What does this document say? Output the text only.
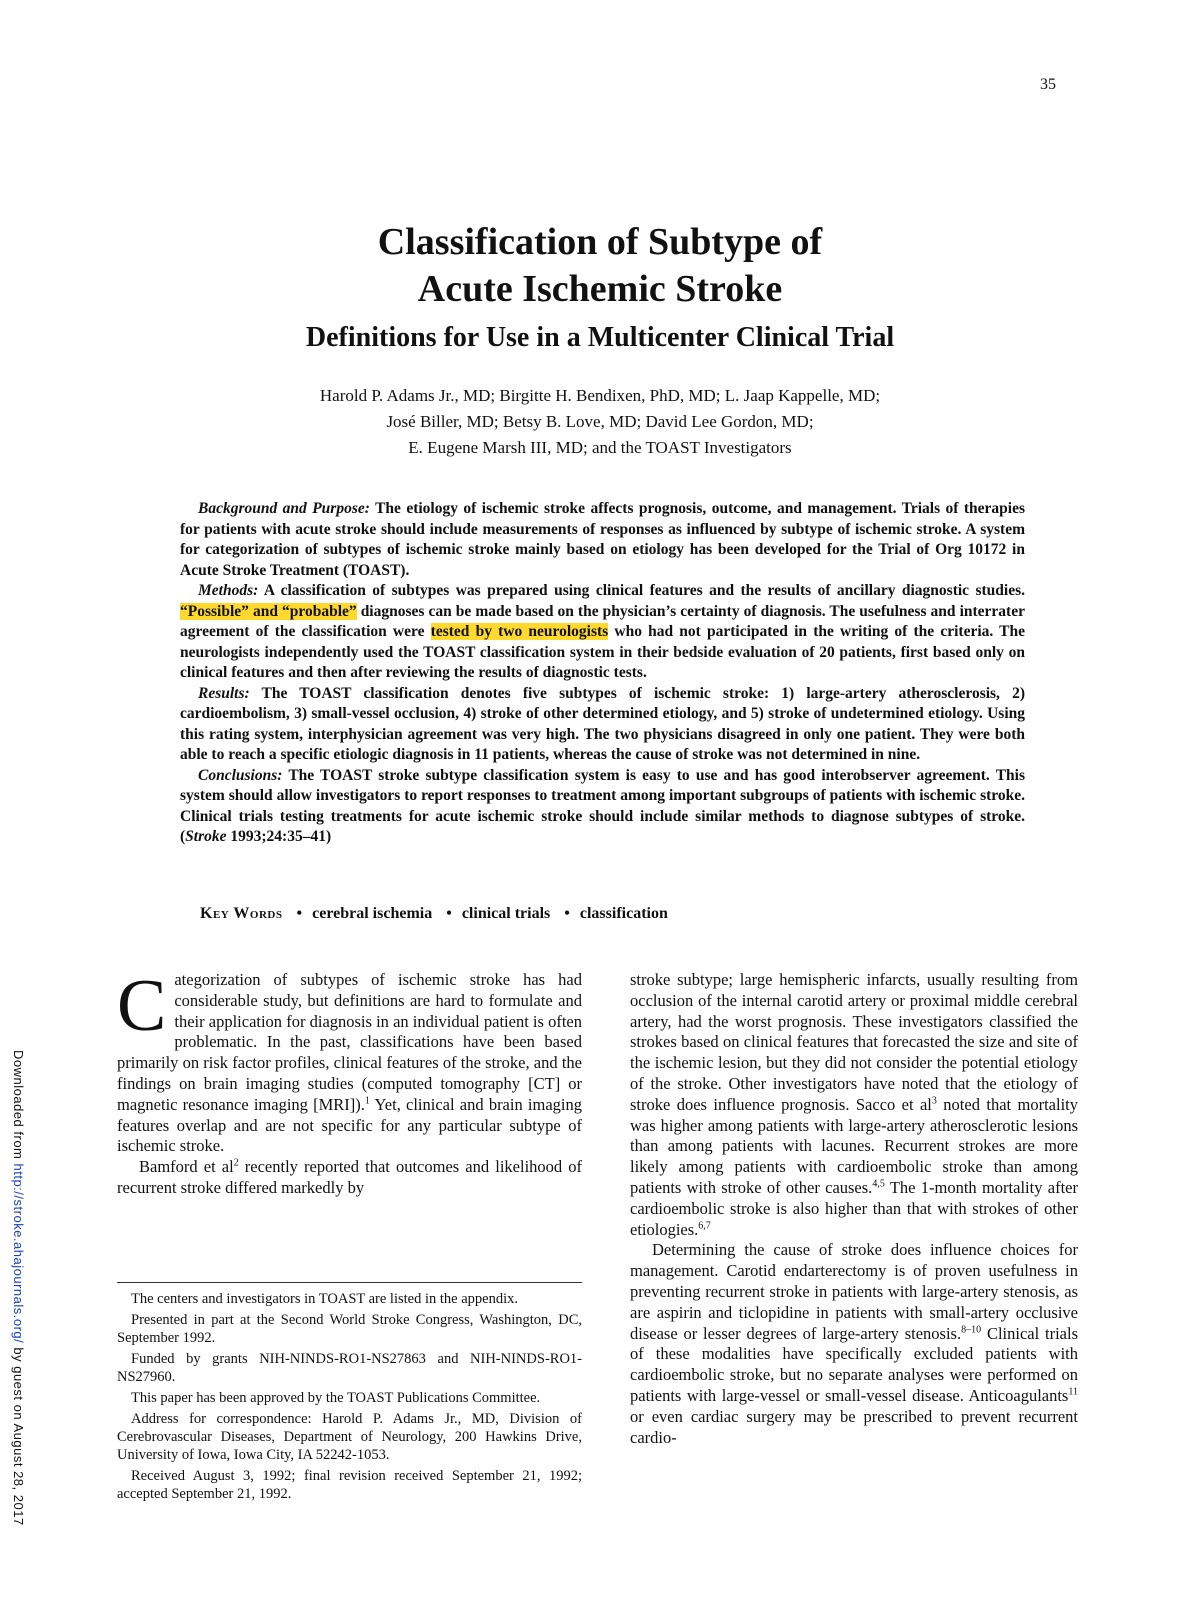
35
Downloaded from http://stroke.ahajournals.org/ by guest on August 28, 2017
Classification of Subtype of
Acute Ischemic Stroke
Definitions for Use in a Multicenter Clinical Trial
Harold P. Adams Jr., MD; Birgitte H. Bendixen, PhD, MD; L. Jaap Kappelle, MD;
José Biller, MD; Betsy B. Love, MD; David Lee Gordon, MD;
E. Eugene Marsh III, MD; and the TOAST Investigators

Background and Purpose: The etiology of ischemic stroke affects prognosis, outcome, and management. Trials of therapies for patients with acute stroke should include measurements of responses as influenced by subtype of ischemic stroke. A system for categorization of subtypes of ischemic stroke mainly based on etiology has been developed for the Trial of Org 10172 in Acute Stroke Treatment (TOAST).

Methods: A classification of subtypes was prepared using clinical features and the results of ancillary diagnostic studies. “Possible” and “probable” diagnoses can be made based on the physician’s certainty of diagnosis. The usefulness and interrater agreement of the classification were tested by two neurologists who had not participated in the writing of the criteria. The neurologists independently used the TOAST classification system in their bedside evaluation of 20 patients, first based only on clinical features and then after reviewing the results of diagnostic tests.

Results: The TOAST classification denotes five subtypes of ischemic stroke: 1) large-artery atherosclerosis, 2) cardioembolism, 3) small-vessel occlusion, 4) stroke of other determined etiology, and 5) stroke of undetermined etiology. Using this rating system, interphysician agreement was very high. The two physicians disagreed in only one patient. They were both able to reach a specific etiologic diagnosis in 11 patients, whereas the cause of stroke was not determined in nine.

Conclusions: The TOAST stroke subtype classification system is easy to use and has good interobserver agreement. This system should allow investigators to report responses to treatment among important subgroups of patients with ischemic stroke. Clinical trials testing treatments for acute ischemic stroke should include similar methods to diagnose subtypes of stroke. (Stroke 1993;24:35–41)

Key Words • cerebral ischemia • clinical trials • classification

Categorization of subtypes of ischemic stroke has had considerable study, but definitions are hard to formulate and their application for diagnosis in an individual patient is often problematic. In the past, classifications have been based primarily on risk factor profiles, clinical features of the stroke, and the findings on brain imaging studies (computed tomography [CT] or magnetic resonance imaging [MRI]).$^1$ Yet, clinical and brain imaging features overlap and are not specific for any particular subtype of ischemic stroke.

Bamford et $al^2$ recently reported that outcomes and likelihood of recurrent stroke differed markedly by

The centers and investigators in TOAST are listed in the appendix.

Presented in part at the Second World Stroke Congress, Washington, DC, September 1992.

Funded by grants NIH-NINDS-RO1-NS27863 and NIH-NINDS-RO1-NS27960.

This paper has been approved by the TOAST Publications Committee.

Address for correspondence: Harold P. Adams Jr., MD, Division of Cerebrovascular Diseases, Department of Neurology, 200 Hawkins Drive, University of Iowa, Iowa City, IA 52242-1053.

Received August 3, 1992; final revision received September 21, 1992; accepted September 21, 1992.

stroke subtype; large hemispheric infarcts, usually resulting from occlusion of the internal carotid artery or proximal middle cerebral artery, had the worst prognosis. These investigators classified the strokes based on clinical features that forecasted the size and site of the ischemic lesion, but they did not consider the potential etiology of the stroke. Other investigators have noted that the etiology of stroke does influence prognosis. Sacco et $al^3$ noted that mortality was higher among patients with large-artery atherosclerotic lesions than among patients with lacunes. Recurrent strokes are more likely among patients with cardioembolic stroke than among patients with stroke of other causes.$^{4,5}$ The 1-month mortality after cardioembolic stroke is also higher than that with strokes of other etiologies.$^{6,7}$

Determining the cause of stroke does influence choices for management. Carotid endarterectomy is of proven usefulness in preventing recurrent stroke in patients with large-artery stenosis, as are aspirin and ticlopidine in patients with small-artery occlusive disease or lesser degrees of large-artery stenosis.$^{8-10}$ Clinical trials of these modalities have specifically excluded patients with cardioembolic stroke, but no separate analyses were performed on patients with large-vessel or small-vessel disease. Anticoagulants$^{11}$ or even cardiac surgery may be prescribed to prevent recurrent cardio-
